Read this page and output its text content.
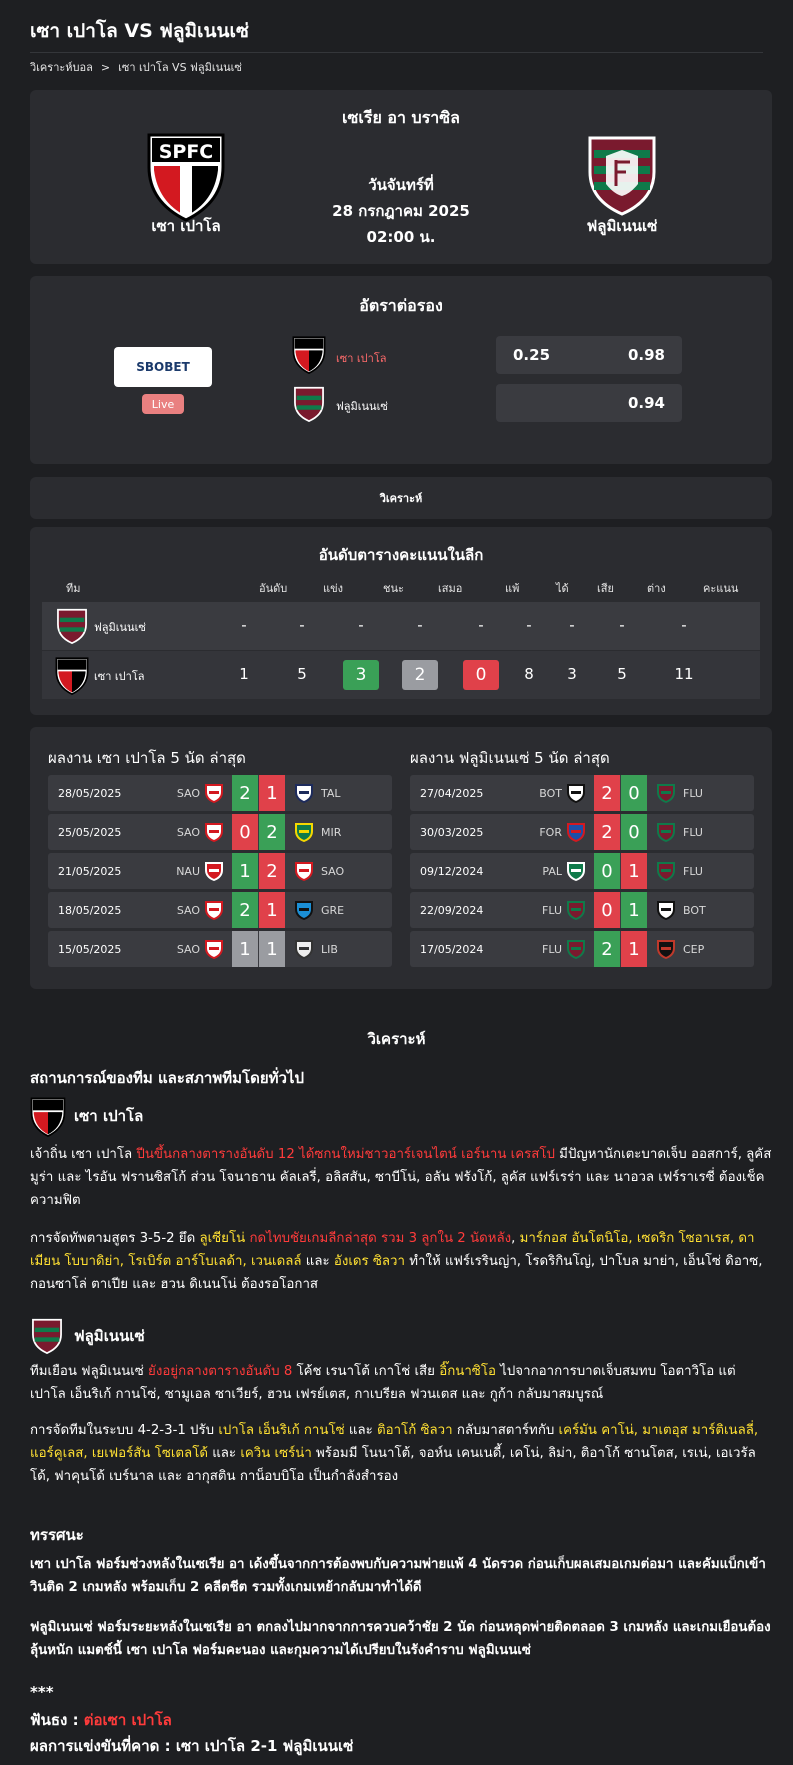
เซา เปาโล VS ฟลูมิเนนเซ่
วิเคราะห์บอล > เซา เปาโล VS ฟลูมิเนนเซ่
เซเรีย อา บราซิล
วันจันทร์ที่
28 กรกฎาคม 2025
02:00 น.
SPFC
เซา เปาโล	ฟลูมิเนนเซ่
อัตราต่อรอง
SBOBET
Live
เซา เปาโล
ฟลูมิเนนเซ่
0.25	0.98
0.94
วิเคราะห์
อันดับตารางคะแนนในลีก
ทีม	อันดับ	แข่ง	ชนะ	เสมอ	แพ้	ได้	เสีย	ต่าง	คะแนน
ฟลูมิเนนเซ่	-	-	-	-	-	-	-	-	-
เซา เปาโล	1	5	3	2	0	8	3	5	11
ผลงาน เซา เปาโล 5 นัด ล่าสุด	ผลงาน ฟลูมิเนนเซ่ 5 นัด ล่าสุด
28/05/2025	SAO	2 1	TAL
25/05/2025	SAO	0 2	MIR
21/05/2025	NAU	1 2	SAO
18/05/2025	SAO	2 1	GRE
15/05/2025	SAO	1 1	LIB
27/04/2025	BOT	2 0	FLU
30/03/2025	FOR	2 0	FLU
09/12/2024	PAL	0 1	FLU
22/09/2024	FLU	0 1	BOT
17/05/2024	FLU	2 1	CEP
วิเคราะห์
สถานการณ์ของทีม และสภาพทีมโดยทั่วไป
เซา เปาโล
เจ้าถิ่น เซา เปาโล ปีนขึ้นกลางตารางอันดับ 12 ได้ซกนใหม่ชาวอาร์เจนไตน์ เอร์นาน เครสโป มีปัญหานักเตะบาดเจ็บ ออสการ์, ลูคัส มูร่า และ ไรอัน ฟรานซิสโก้ ส่วน โจนาธาน คัลเลรี่, อลิสสัน, ซาบีโน่, อลัน ฟรังโก้, ลูคัส แฟร์เรร่า และ นาอวล เฟร์ราเรซี่ ต้องเช็คความฟิต
การจัดทัพตามสูตร 3-5-2 ยึด ลูเซียโน่ กดไทบชัยเกมลีกล่าสุด รวม 3 ลูกใน 2 นัดหลัง, มาร์กอส อันโตนิโอ, เซดริก โซอาเรส, ดาเมียน โบบาดิย่า, โรเบิร์ต อาร์โบเลด้า, เวนเดลล์ และ อังเดร ซิลวา ทำให้ แฟร์เรรินญ่า, โรดริกินโญ่, ปาโบล มาย่า, เอ็นโซ่ ดิอาซ, กอนซาโล่ ตาเปีย และ ฮวน ดิเนนโน่ ต้องรอโอกาส
ฟลูมิเนนเซ่
ทีมเยือน ฟลูมิเนนเซ่ ยังอยู่กลางตารางอันดับ 8 โค้ช เรนาโต้ เกาโช่ เสีย อิ๊กนาซิโอ ไปจากอาการบาดเจ็บสมทบ โอตาวิโอ แต่ เปาโล เอ็นริเก้ กานโซ่, ซามูเอล ซาเวียร์, ฮวน เฟรย์เตส, กาเบรียล ฟวนเตส และ กูก้า กลับมาสมบูรณ์
การจัดทีมในระบบ 4-2-3-1 ปรับ เปาโล เอ็นริเก้ กานโซ่ และ ติอาโก้ ซิลวา กลับมาสตาร์ทกับ เคร์มัน คาโน่, มาเตอุส มาร์ติเนลลี่, แอร์คูเลส, เยเฟอร์สัน โซเตลโด้ และ เควิน เซร์น่า พร้อมมี โนนาโต้, จอห์น เคนเนดี้, เคโน่, ลิม่า, ติอาโก้ ซานโตส, เรเน่, เอเวรัลโด้, ฟาคุนโด้ เบร์นาล และ อากุสติน กาน็อบบิโอ เป็นกำลังสำรอง
ทรรศนะ
เซา เปาโล ฟอร์มช่วงหลังในเซเรีย อา เด้งขึ้นจากการต้องพบกับความพ่ายแพ้ 4 นัดรวด ก่อนเก็บผลเสมอเกมต่อมา และคัมแบ็กเข้าวินติด 2 เกมหลัง พร้อมเก็บ 2 คลีตชีต รวมทั้งเกมเหย้ากลับมาทำได้ดี
ฟลูมิเนนเซ่ ฟอร์มระยะหลังในเซเรีย อา ตกลงไปมากจากการควบคว้าชัย 2 นัด ก่อนหลุดพ่ายติดตลอด 3 เกมหลัง และเกมเยือนต้องลุ้นหนัก แมตช์นี้ เซา เปาโล ฟอร์มคะนอง และกุมความได้เปรียบในรังคำราบ ฟลูมิเนนเซ่
***
ฟันธง : ต่อเซา เปาโล
ผลการแข่งขันที่คาด : เซา เปาโล 2-1 ฟลูมิเนนเซ่
